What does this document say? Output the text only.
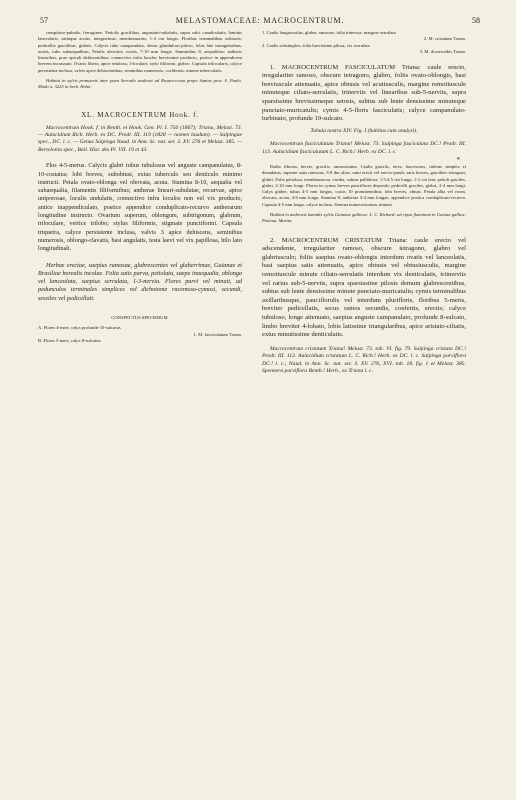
57	MELASTOMACEAE: MACROCENTRUM.	58

caespitoso-pubulis, ferrugineo. Petiolis gracilibus, angustato-subalatis, supra sulci canaliculatis; laminis lanceolatis, utrinque acutis, integerrimis, membranaceis, 1-4 cm longis. Floribus terminalibus solitariis; pedicellis gracilibus, glabris. Calycis tubo campanulato, dense glanduloso-piloso; lobis late triangularibus, acutis, tubo subaequalibus. Petalis obovatis, roseis, 7-10 mm longis. Staminibus 8, aequalibus; antheris linearibus, poro apicali dehiscentibus; connectivo infra loculos brevissime producto, postice in appendicem brevem incrassato. Ovario libero, apice setuloso, 3-loculari; stylo filiformi, glabro. Capsula trilocularis, calyce persistente inclusa, valvis apice dehiscentibus; seminibus numerosis, cochleatis, minute tuberculatis.

Habitat in sylvis primaevis inter paen Serrado usulensi ad Rosario-cata prope Santos prov. S. Paulo. Modo n. 3225 in herb. Hohn.

XL. MACROCENTRUM Hook. f.

Macrocentrum Hook. f. in Benth. et Hook. Gen. Pl. I. 756 (1867); Triana, Melast. 73. — Aulacidium Rich. Herb. ex DC. Prodr. III. 119 (1828 — nomen laudum). — Salpingae spec., DC. l. c. — Genus Salpinga Naud. in Ann. Sc. nat. ser. 3. XV. 276 et Melast. 385. — Bertolonia spec., Bail. Hist. des Pl. VII. 19 et 43.

Flos 4-5-merus. Calycis glabri tubus tubulosus vel anguste campanulatus, 8-10-costatus; lobi breves, subobtusi, extus tuberculo seu denticulo minimo instructi. Petala ovato-oblonga vel obovata, acuta. Stamina 8-10, aequalia vel subaequalia, filamentis filiformibus; antherae lineari-subulatae, recurvae, apice uniporosae, loculis undulatis, connectivo infra loculos non vel vix producto, antice inappendiculato, postice appendice conduplicato-recurvo antherarum longitudine instructo. Ovarium superum, oblongum, subtrigonum, glabrum, triloculare, vertice trilobo; stylus filiformis, stigmate punctiformi. Capsula triquetra, calyce persistente inclusa, valvis 3 apice dehiscens, seminibus numerosis, oblongo-clavatis, basi angulatis, testa laevi vel vix papillosa, hilo lato longitudinali.

Herbae erectae, saepius ramosae, glabrescentes vel glaberrimae, Guianae et Brasiliae borealis incolae. Folia satis parva, petiolata, saepe inaequalia, oblonga vel lanceolata, saepius serrulata, 1-3-nervia. Flores parvi vel minuti, ad pedunculos terminales simplices vel dichotome racemoso-cymosi, secundi, sessiles vel pedicellati.

CONSPECTUS SPECIERUM.

A. Flores 4-meri; calyx profunde 10-sulcatus
1. M. fasciculatum Triana.
B. Flores 5-meri; calyx 8-sulcatus.

1. Caulis longiusculus, glaber, ramosus; folia trinervia, margine serrulata

2. M. cristatum Triana.

2. Caulis subsimplex; folia brevissime pilosa, vix serrulata

3. M. droseroides Triana.

1. MACROCENTRUM FASCICULATUM Triana: caule erecto, irregulariter ramoso, obscure tetragono, glabro, foliis ovato-oblongis, basi breviuscule attenuatis, apice obtusis vel acutiusculis, margine remotiuscule minuteque ciliato-serrulatis, trinerviis vel linearibus sub-5-nerviis, supra sparsissime brevissimeque setosis, subtus sub lente densissime minuteque punctato-muricatulis; cymis 4-5-floris fasciculatis; calyce campanulato-turbinato, profunde 10-sulcato.

Tabula nostra XIV. Fig. I (habitus cum analysi).

Macrocentrum fasciculatum Triana! Melast. 73. Salpinga fasciculata DC.! Prodr. III. 113. Aulacidium fasciculatum L. C. Rich.! Herb. ex DC. l. c.

*

Radix fibrosa, brevis, gracilis, ramosissima. Caulis gracilis, teres, fuscescens, inferne simplex et denudatus, superne satis ramosus, 3-8 dm altus; rami erecti vel erecto-patuli, satis breves, graciliter tetragoni, glabri. Folia petiolata, membranacea, viridia, subtus pallidiora, 1.5-4.5 cm longa, 1-2 cm lata; petioli graciles, glabri, 2-10 mm longi. Flores in cymas breves pauciflores dispositi; pedicelli graciles, glabri, 2-4 mm longi. Calyx glaber, tubus 4-5 mm longus, costis 10 prominentibus; lobi breves, obtusi. Petala alba vel rosea, obovata, acuta, 4-6 mm longa. Stamina 8; antherae 3-4 mm longae, appendice postica conduplicato-recurva. Capsula 4-5 mm longa, calyce inclusa. Semina numerosissima, minuta.

Habitat in umbrosis humidis sylvis Guianae gallicae: L. C. Richard; ad ripas fluminum in Guiana gallica: Poiteau, Martin.

2. MACROCENTRUM CRISTATUM Triana: caule erecto vel adscendente, irregulariter ramoso, obscure tetragono, glabro vel glabriusculo; foliis saepius ovato-oblongis interdum ovatis vel lanceolatis, basi saepius satis attenuatis, apice obtusis vel obtusiusculis, margine remotiuscule minute ciliato-serrulatis interdum vix denticulatis, triinerviis vel rarius sub-5-nerviis, supra sparsissime pilosis demum glabrescentibus, subtus sub lente densissime minute punctato-muricatulis; cymis terminalibus axillaribusque, pauciflorulis vel interdum plurifloris, floribus 5-meris, breviter pedicellatis, secus ramos secundis, confertis, erectis; calyce tubuloso, longe attenuato, saepius anguste campanulato, profunde 8-sulcato, limbo breviter 4-lobato, lobis latissime triangularibus, apice aristato-ciliatis, extus minutissime denticulatis.

Macrocentrum cristatum Triana! Melast. 73. tab. VI. fig. 79. Salpinga cristata DC.! Prodr. III. 113. Aulacidium cristatum L. C. Rich.! Herb. ex DC. l. c. Salpinga parviflora DC.! l. c.; Naud. in Ann. Sc. nat. ser. 3. XV. 276, XVI. tab. 18. fig. 1 et Melast. 385. Spennera parviflora Benth.! Herb., ex Triana l. c.
